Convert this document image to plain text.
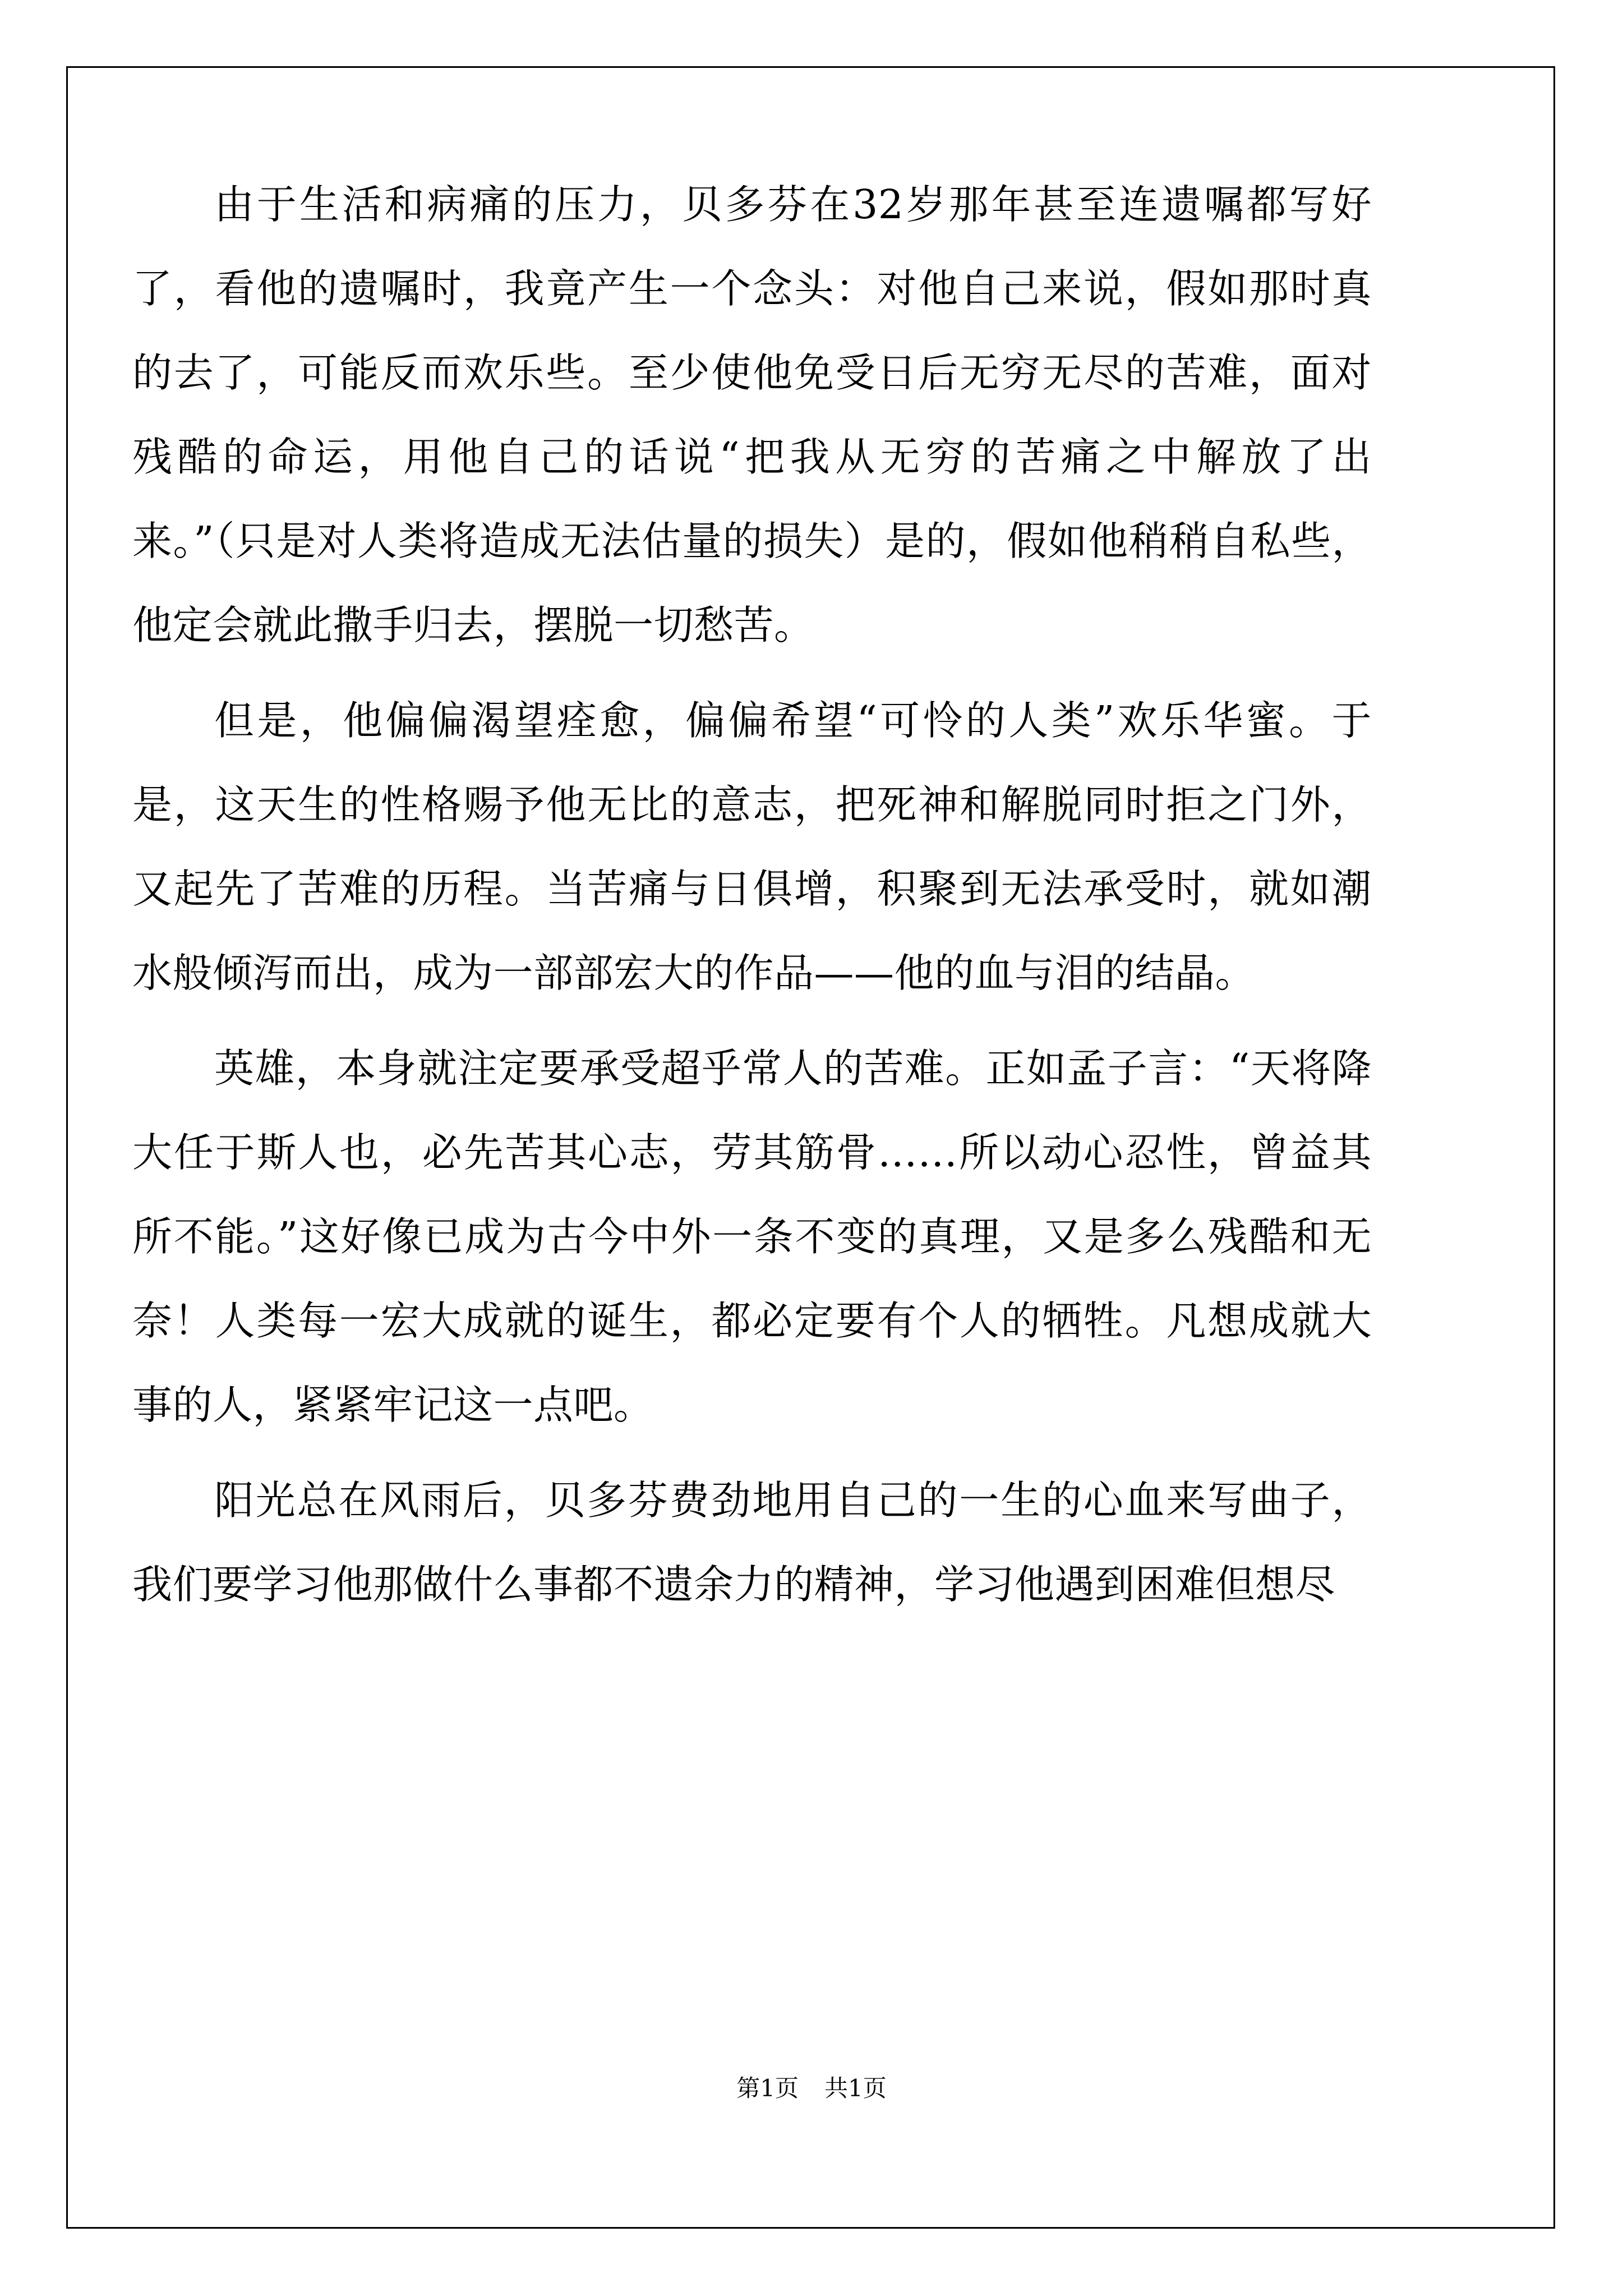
由于生活和病痛的压力，贝多芬在32岁那年甚至连遗嘱都写好了，看他的遗嘱时，我竟产生一个念头：对他自己来说，假如那时真的去了，可能反而欢乐些。至少使他免受日后无穷无尽的苦难，面对残酷的命运，用他自己的话说“把我从无穷的苦痛之中解放了出来。”（只是对人类将造成无法估量的损失）是的，假如他稍稍自私些，他定会就此撒手归去，摆脱一切愁苦。

但是，他偏偏渴望痊愈，偏偏希望“可怜的人类”欢乐华蜜。于是，这天生的性格赐予他无比的意志，把死神和解脱同时拒之门外，又起先了苦难的历程。当苦痛与日俱增，积聚到无法承受时，就如潮水般倾泻而出，成为一部部宏大的作品——他的血与泪的结晶。

英雄，本身就注定要承受超乎常人的苦难。正如孟子言：“天将降大任于斯人也，必先苦其心志，劳其筋骨……所以动心忍性，曾益其所不能。”这好像已成为古今中外一条不变的真理，又是多么残酷和无奈！人类每一宏大成就的诞生，都必定要有个人的牺牲。凡想成就大事的人，紧紧牢记这一点吧。

阳光总在风雨后，贝多芬费劲地用自己的一生的心血来写曲子，我们要学习他那做什么事都不遗余力的精神，学习他遇到困难但想尽

第1页 共1页
